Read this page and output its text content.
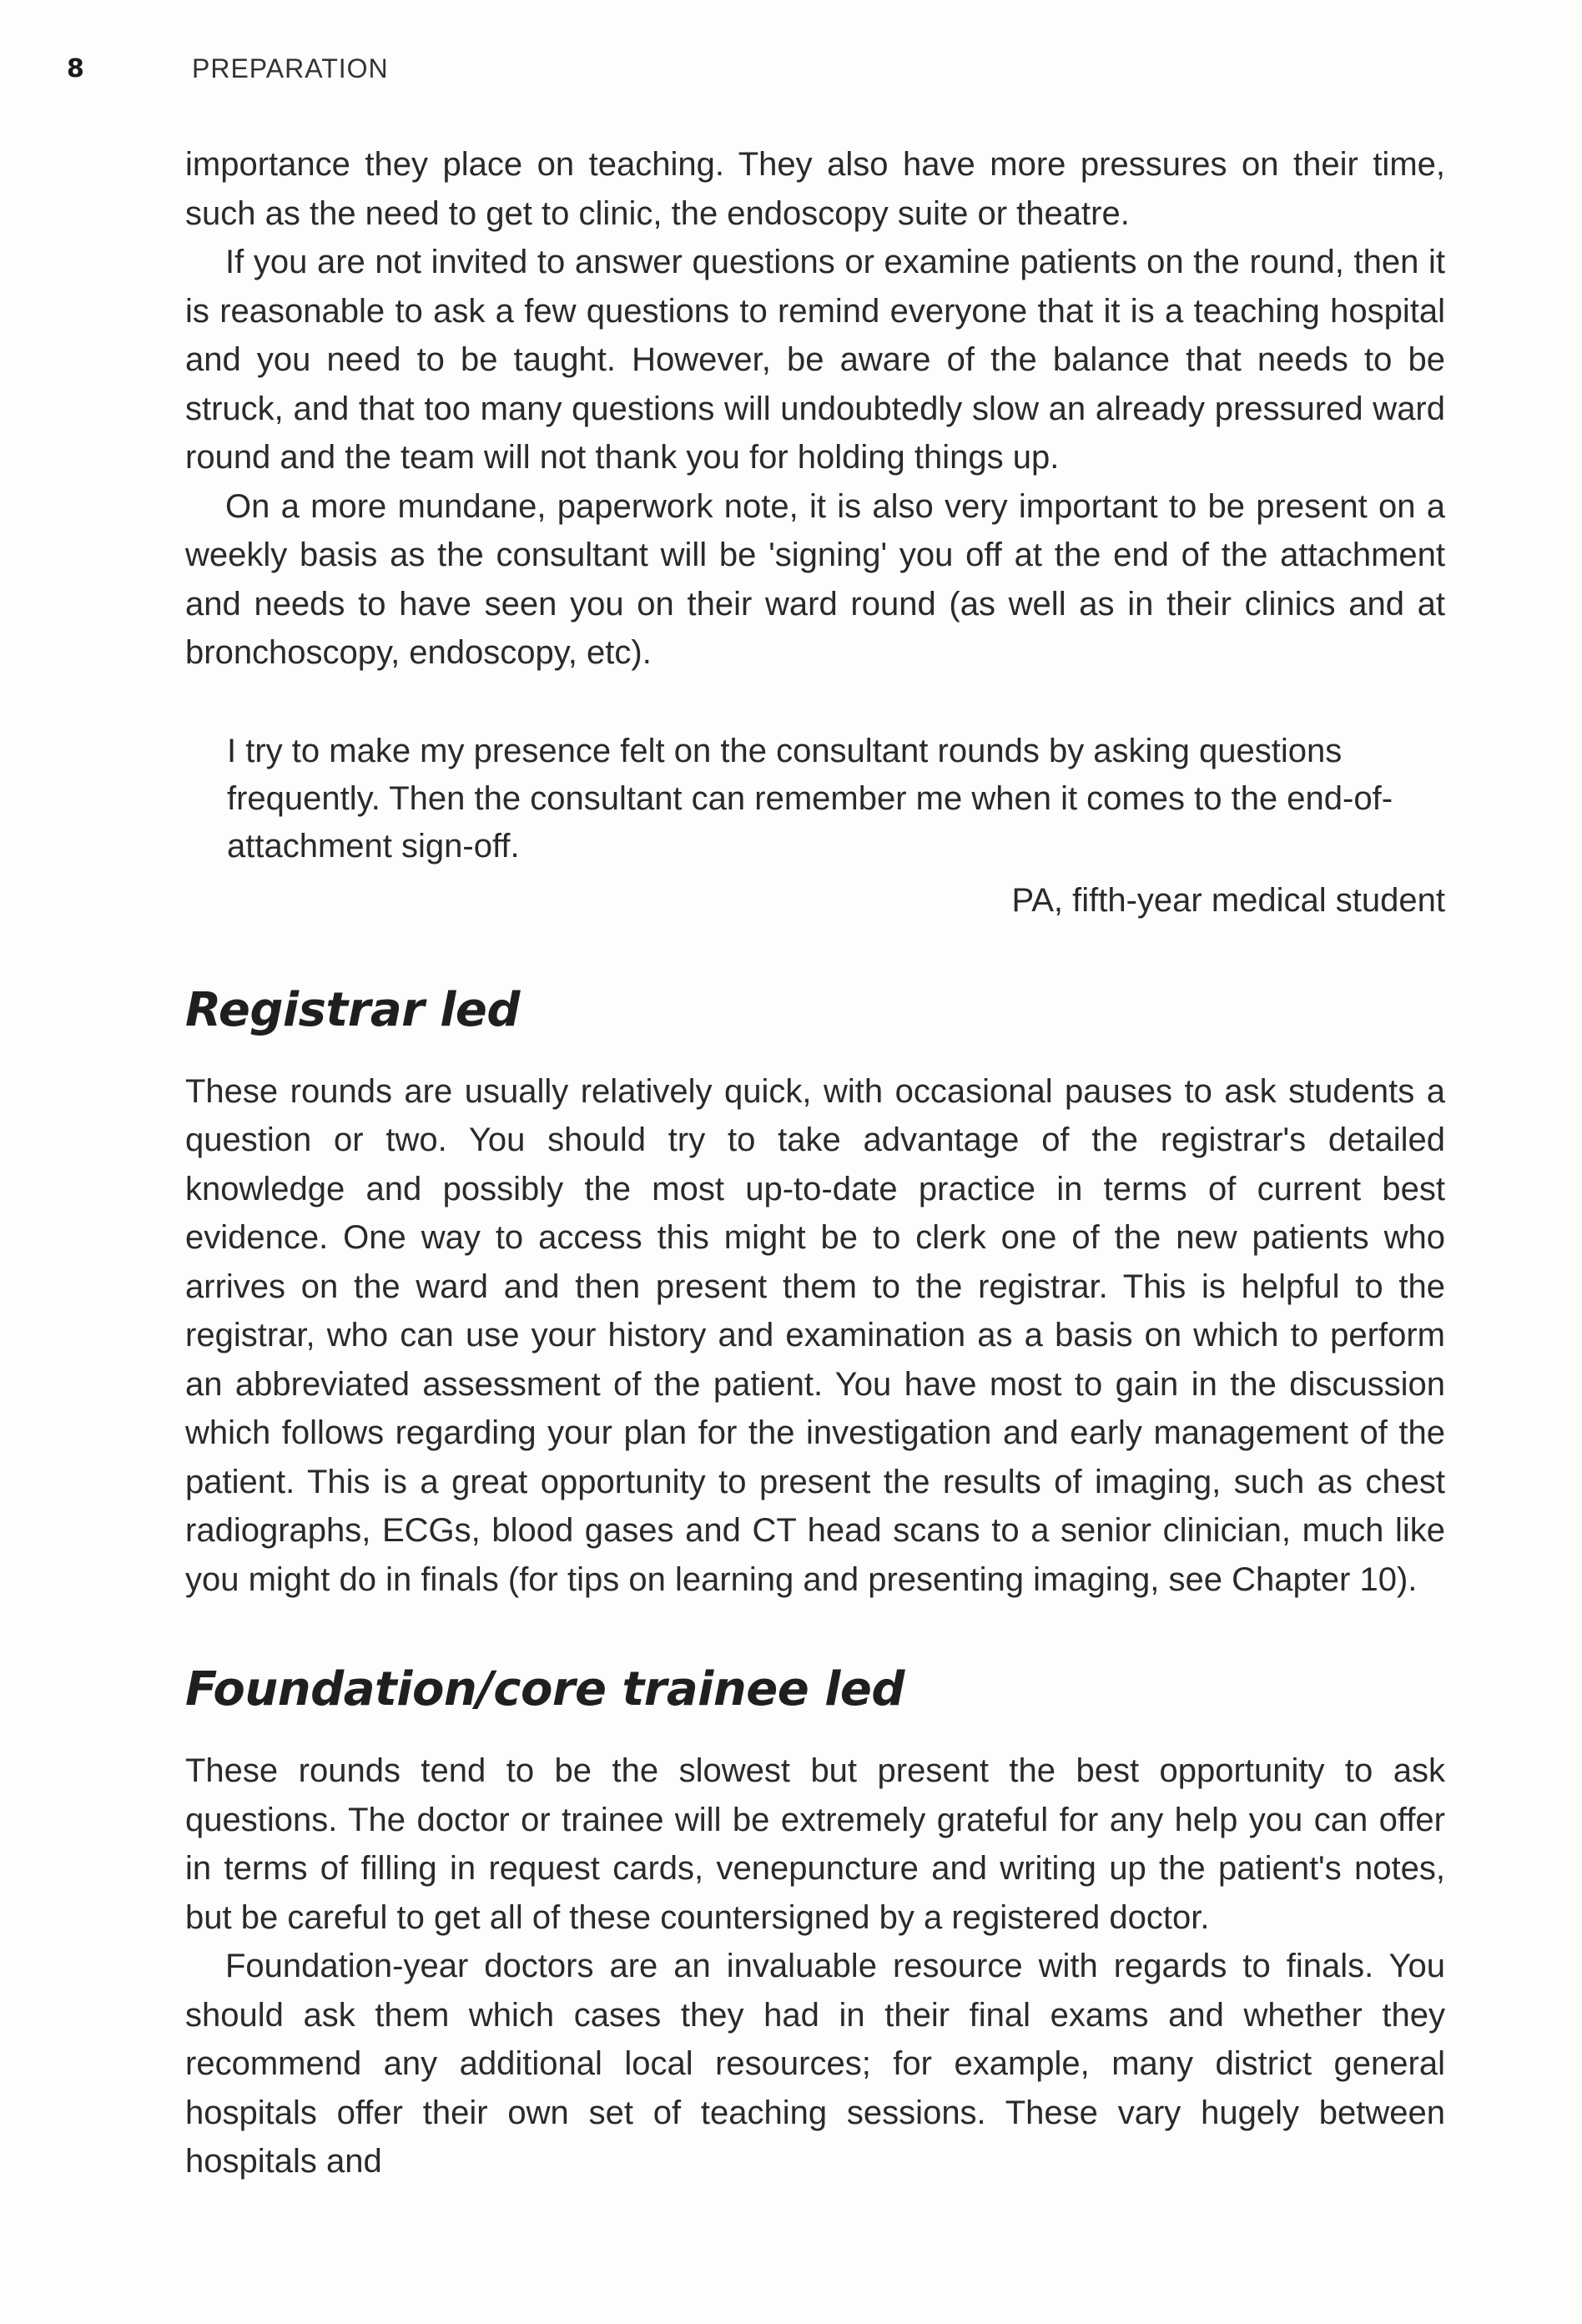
8	PREPARATION

importance they place on teaching. They also have more pressures on their time, such as the need to get to clinic, the endoscopy suite or theatre.

If you are not invited to answer questions or examine patients on the round, then it is reasonable to ask a few questions to remind everyone that it is a teaching hospital and you need to be taught. However, be aware of the balance that needs to be struck, and that too many questions will undoubtedly slow an already pressured ward round and the team will not thank you for holding things up.

On a more mundane, paperwork note, it is also very important to be present on a weekly basis as the consultant will be 'signing' you off at the end of the attachment and needs to have seen you on their ward round (as well as in their clinics and at bronchoscopy, endoscopy, etc).

I try to make my presence felt on the consultant rounds by asking questions frequently. Then the consultant can remember me when it comes to the end-of-attachment sign-off.

PA, fifth-year medical student
Registrar led

These rounds are usually relatively quick, with occasional pauses to ask students a question or two. You should try to take advantage of the registrar's detailed knowledge and possibly the most up-to-date practice in terms of current best evidence. One way to access this might be to clerk one of the new patients who arrives on the ward and then present them to the registrar. This is helpful to the registrar, who can use your history and examination as a basis on which to perform an abbreviated assessment of the patient. You have most to gain in the discussion which follows regarding your plan for the investigation and early management of the patient. This is a great opportunity to present the results of imaging, such as chest radiographs, ECGs, blood gases and CT head scans to a senior clinician, much like you might do in finals (for tips on learning and presenting imaging, see Chapter 10).

Foundation/core trainee led

These rounds tend to be the slowest but present the best opportunity to ask questions. The doctor or trainee will be extremely grateful for any help you can offer in terms of filling in request cards, venepuncture and writing up the patient's notes, but be careful to get all of these countersigned by a registered doctor.

Foundation-year doctors are an invaluable resource with regards to finals. You should ask them which cases they had in their final exams and whether they recommend any additional local resources; for example, many district general hospitals offer their own set of teaching sessions. These vary hugely between hospitals and
